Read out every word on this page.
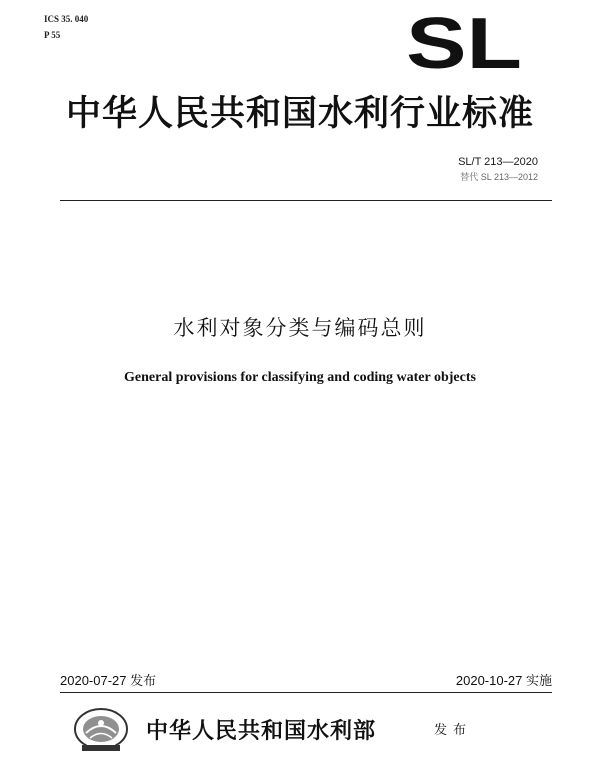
ICS 35. 040
P 55	SL
中华人民共和国水利行业标准
SL/T 213—2020
替代 SL 213—2012
水利对象分类与编码总则
General provisions for classifying and coding water objects
2020-07-27 发布	2020-10-27 实施
中华人民共和国水利部	发布
